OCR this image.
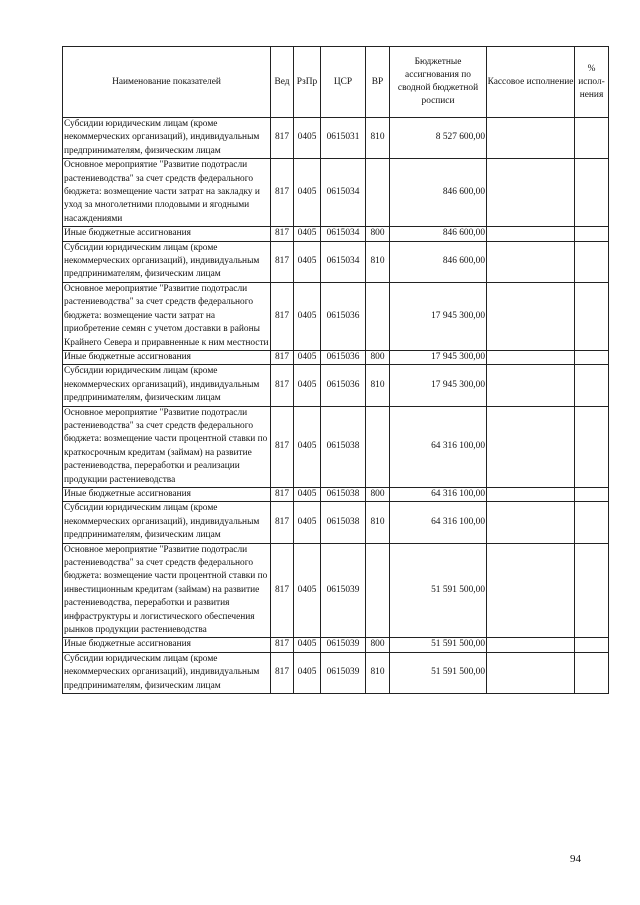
Наименование показателей	Вед	РзПр	ЦСР	ВР	Бюджетные ассигнования по сводной бюджетной росписи	Кассовое исполнение	% испол-нения
Субсидии юридическим лицам (кроме некоммерческих организаций), индивидуальным предпринимателям, физическим лицам	817	0405	0615031	810	8 527 600,00		
Основное мероприятие "Развитие подотрасли растениеводства" за счет средств федерального бюджета: возмещение части затрат на закладку и уход за многолетними плодовыми и ягодными насаждениями	817	0405	0615034		846 600,00		
Иные бюджетные ассигнования	817	0405	0615034	800	846 600,00		
Субсидии юридическим лицам (кроме некоммерческих организаций), индивидуальным предпринимателям, физическим лицам	817	0405	0615034	810	846 600,00		
Основное мероприятие "Развитие подотрасли растениеводства" за счет средств федерального бюджета: возмещение части затрат на приобретение семян с учетом доставки в районы Крайнего Севера и приравненные к ним местности	817	0405	0615036		17 945 300,00		
Иные бюджетные ассигнования	817	0405	0615036	800	17 945 300,00		
Субсидии юридическим лицам (кроме некоммерческих организаций), индивидуальным предпринимателям, физическим лицам	817	0405	0615036	810	17 945 300,00		
Основное мероприятие "Развитие подотрасли растениеводства" за счет средств федерального бюджета: возмещение части процентной ставки по краткосрочным кредитам (займам) на развитие растениеводства, переработки и реализации продукции растениеводства	817	0405	0615038		64 316 100,00		
Иные бюджетные ассигнования	817	0405	0615038	800	64 316 100,00		
Субсидии юридическим лицам (кроме некоммерческих организаций), индивидуальным предпринимателям, физическим лицам	817	0405	0615038	810	64 316 100,00		
Основное мероприятие "Развитие подотрасли растениеводства" за счет средств федерального бюджета: возмещение части процентной ставки по инвестиционным кредитам (займам) на развитие растениеводства, переработки и развития инфраструктуры и логистического обеспечения рынков продукции растениеводства	817	0405	0615039		51 591 500,00		
Иные бюджетные ассигнования	817	0405	0615039	800	51 591 500,00		
Субсидии юридическим лицам (кроме некоммерческих организаций), индивидуальным предпринимателям, физическим лицам	817	0405	0615039	810	51 591 500,00		
94
